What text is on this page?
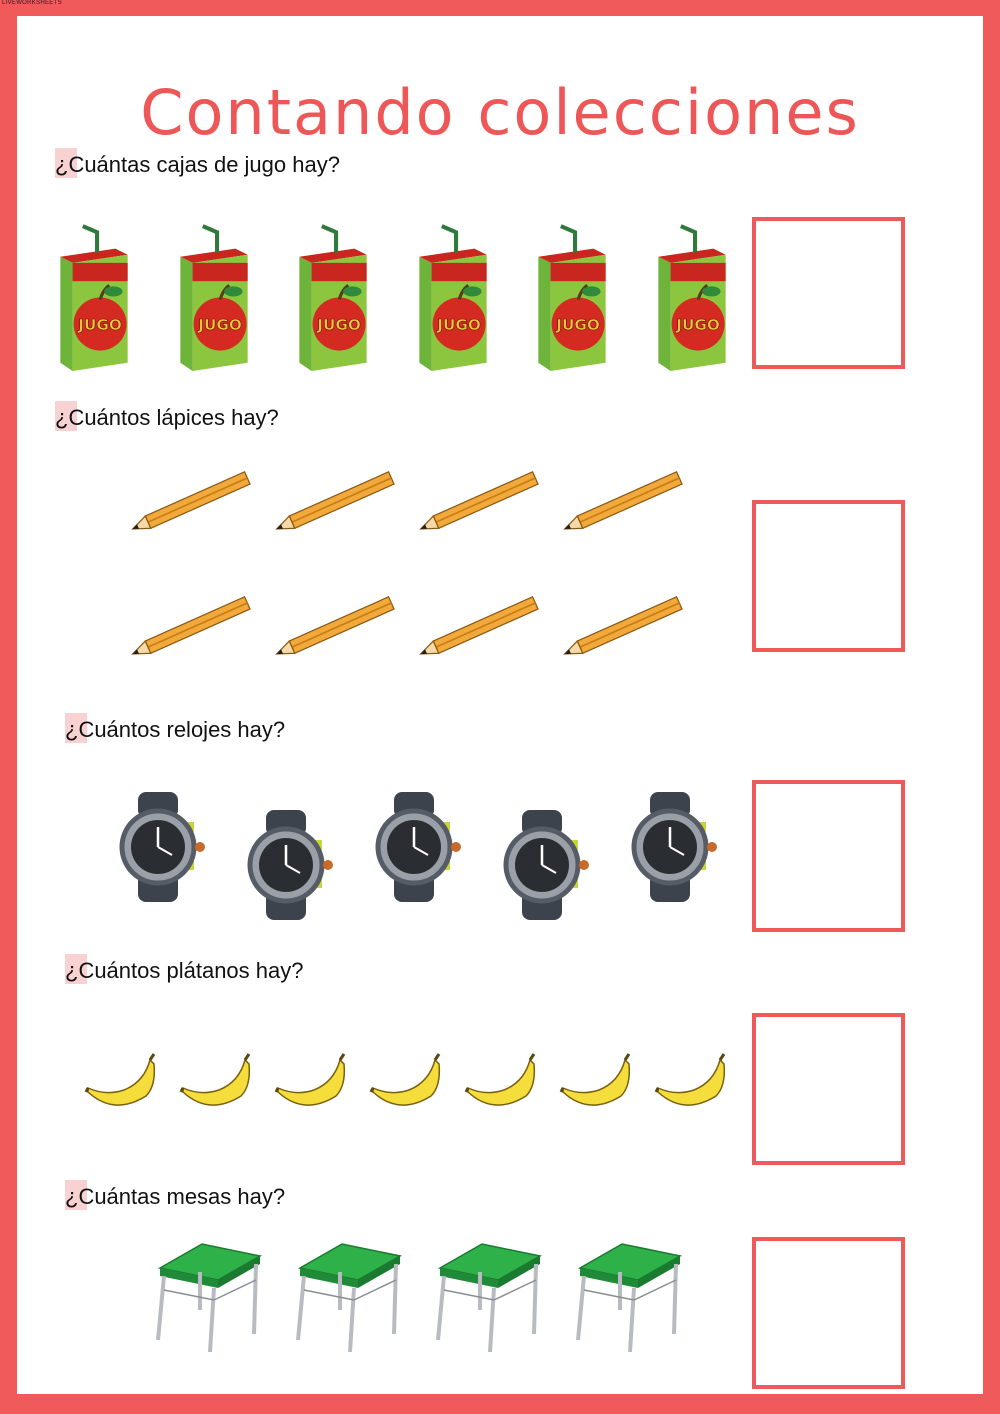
LIVEWORKSHEETS
Contando colecciones
¿Cuántas cajas de jugo hay?
JUGO	JUGO	JUGO	JUGO	JUGO	JUGO
¿Cuántos lápices hay?
¿Cuántos relojes hay?
¿Cuántos plátanos hay?
¿Cuántas mesas hay?
